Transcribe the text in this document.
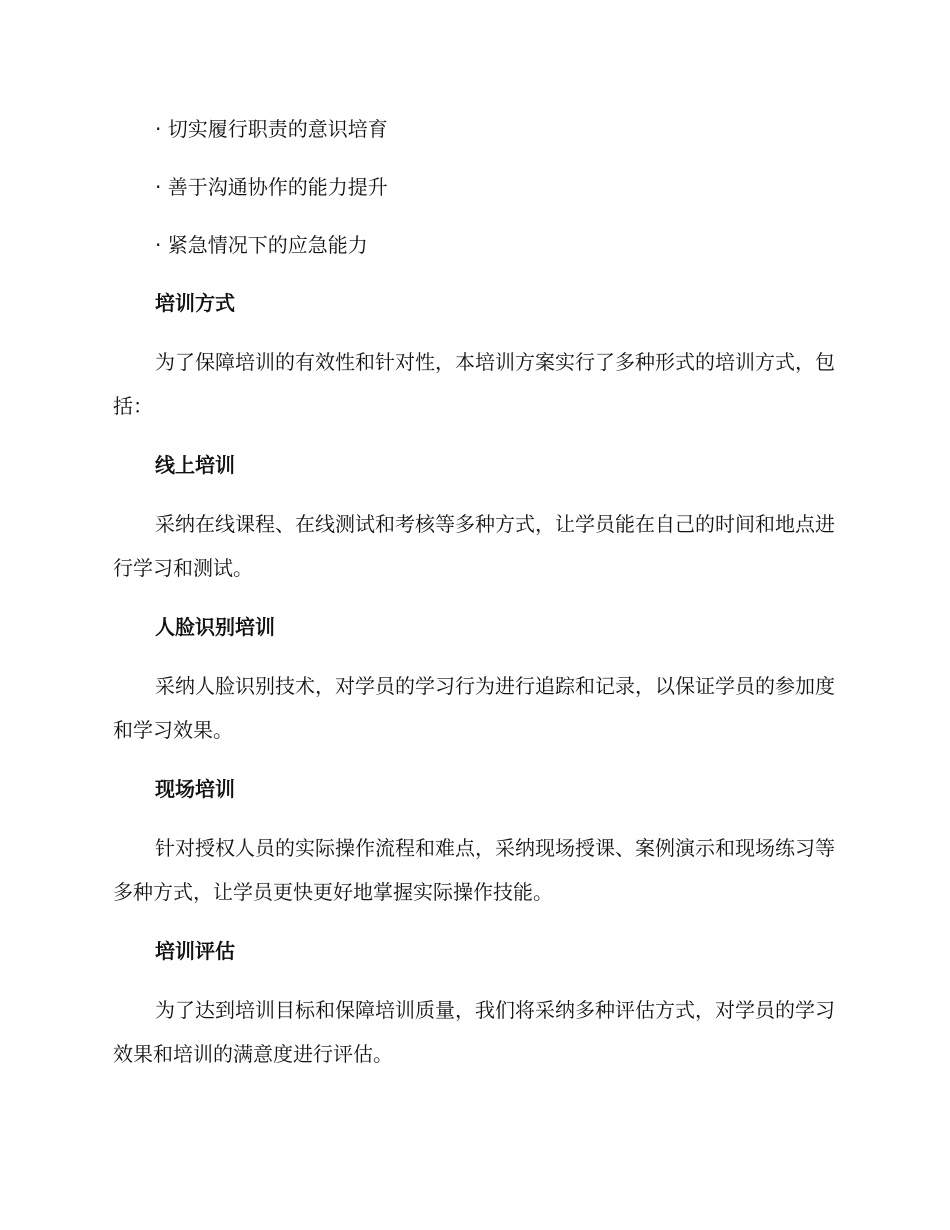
· 切实履行职责的意识培育
· 善于沟通协作的能力提升
· 紧急情况下的应急能力
培训方式
为了保障培训的有效性和针对性，本培训方案实行了多种形式的培训方式，包括：
线上培训
采纳在线课程、在线测试和考核等多种方式，让学员能在自己的时间和地点进行学习和测试。
人脸识别培训
采纳人脸识别技术，对学员的学习行为进行追踪和记录，以保证学员的参加度和学习效果。
现场培训
针对授权人员的实际操作流程和难点，采纳现场授课、案例演示和现场练习等多种方式，让学员更快更好地掌握实际操作技能。
培训评估
为了达到培训目标和保障培训质量，我们将采纳多种评估方式，对学员的学习效果和培训的满意度进行评估。
